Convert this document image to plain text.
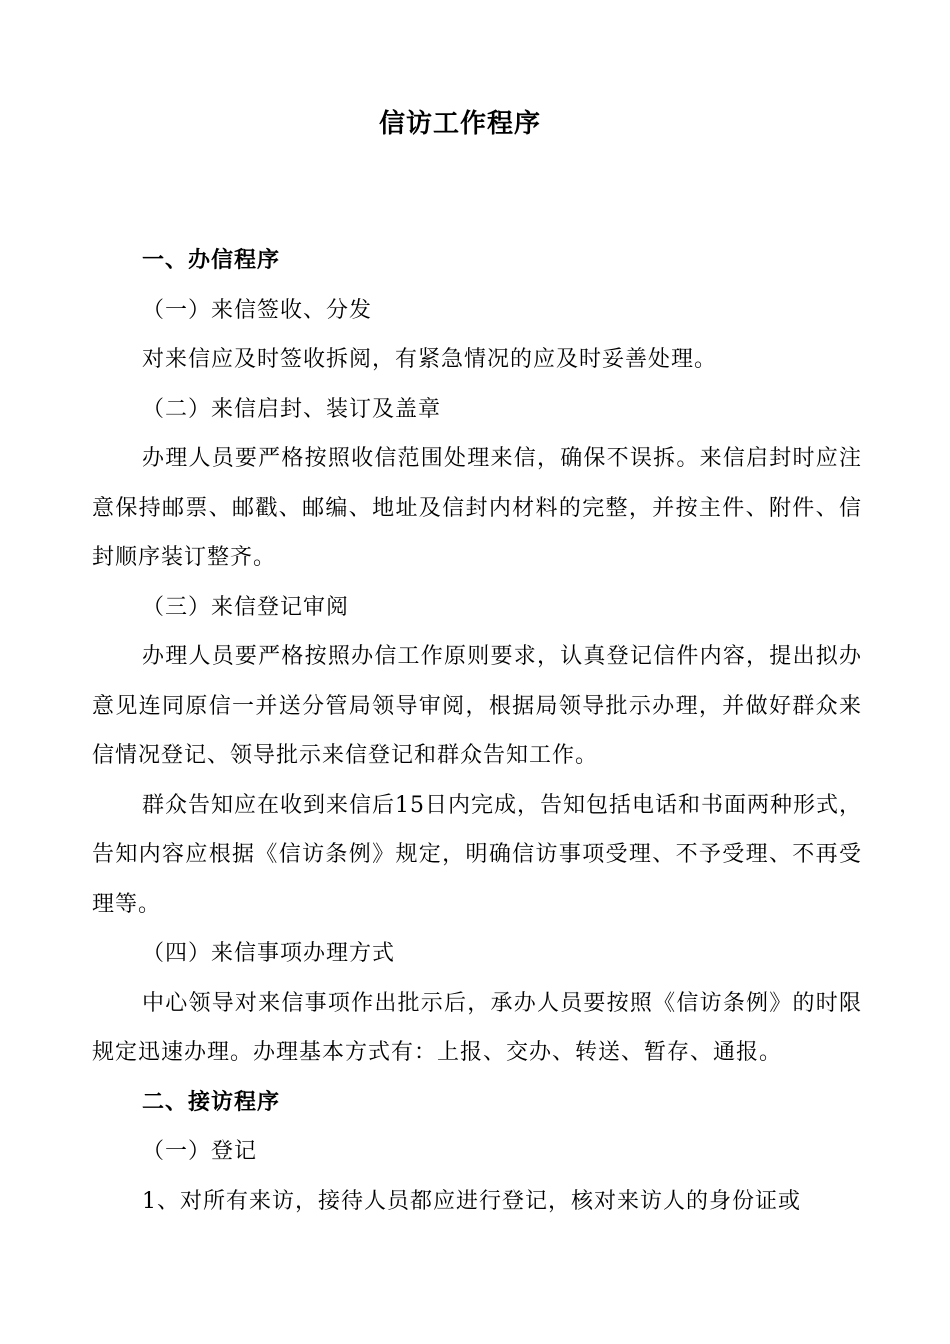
信访工作程序

一、办信程序

（一）来信签收、分发

对来信应及时签收拆阅，有紧急情况的应及时妥善处理。

（二）来信启封、装订及盖章

办理人员要严格按照收信范围处理来信，确保不误拆。来信启封时应注意保持邮票、邮戳、邮编、地址及信封内材料的完整，并按主件、附件、信封顺序装订整齐。

（三）来信登记审阅

办理人员要严格按照办信工作原则要求，认真登记信件内容，提出拟办意见连同原信一并送分管局领导审阅，根据局领导批示办理，并做好群众来信情况登记、领导批示来信登记和群众告知工作。

群众告知应在收到来信后15日内完成，告知包括电话和书面两种形式，告知内容应根据《信访条例》规定，明确信访事项受理、不予受理、不再受理等。

（四）来信事项办理方式

中心领导对来信事项作出批示后，承办人员要按照《信访条例》的时限规定迅速办理。办理基本方式有：上报、交办、转送、暂存、通报。

二、接访程序

（一）登记

1、对所有来访，接待人员都应进行登记，核对来访人的身份证或
